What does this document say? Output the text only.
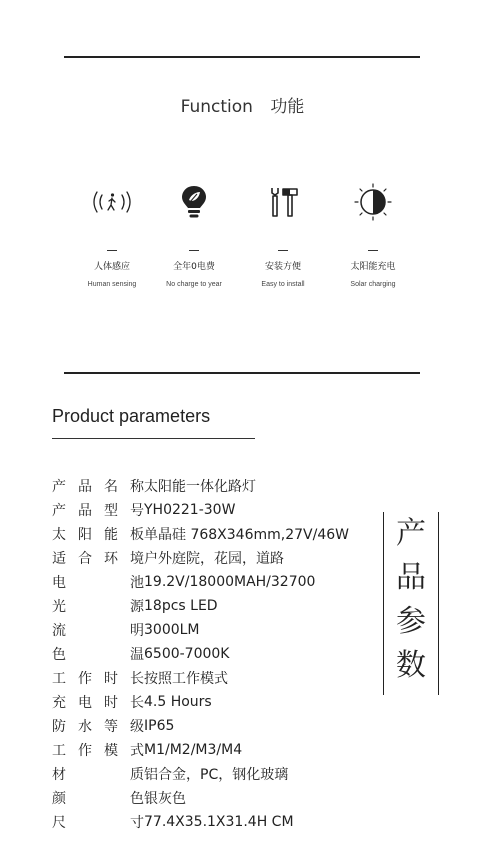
Function 功能
人体感应
Human sensing
全年0电费
No charge to year
安装方便
Easy to install
太阳能充电
Solar charging
Product parameters
产品名称 太阳能一体化路灯
产品型号 YH0221-30W
太阳能板 单晶硅 768X346mm,27V/46W
适合环境 户外庭院，花园，道路
电 池 19.2V/18000MAH/32700
光 源 18pcs LED
流 明 3000LM
色 温 6500-7000K
工作时长 按照工作模式
充电时长 4.5 Hours
防水等级 IP65
工作模式 M1/M2/M3/M4
材 质 铝合金，PC，钢化玻璃
颜 色 银灰色
尺 寸 77.4X35.1X31.4H CM
产
品
参
数
